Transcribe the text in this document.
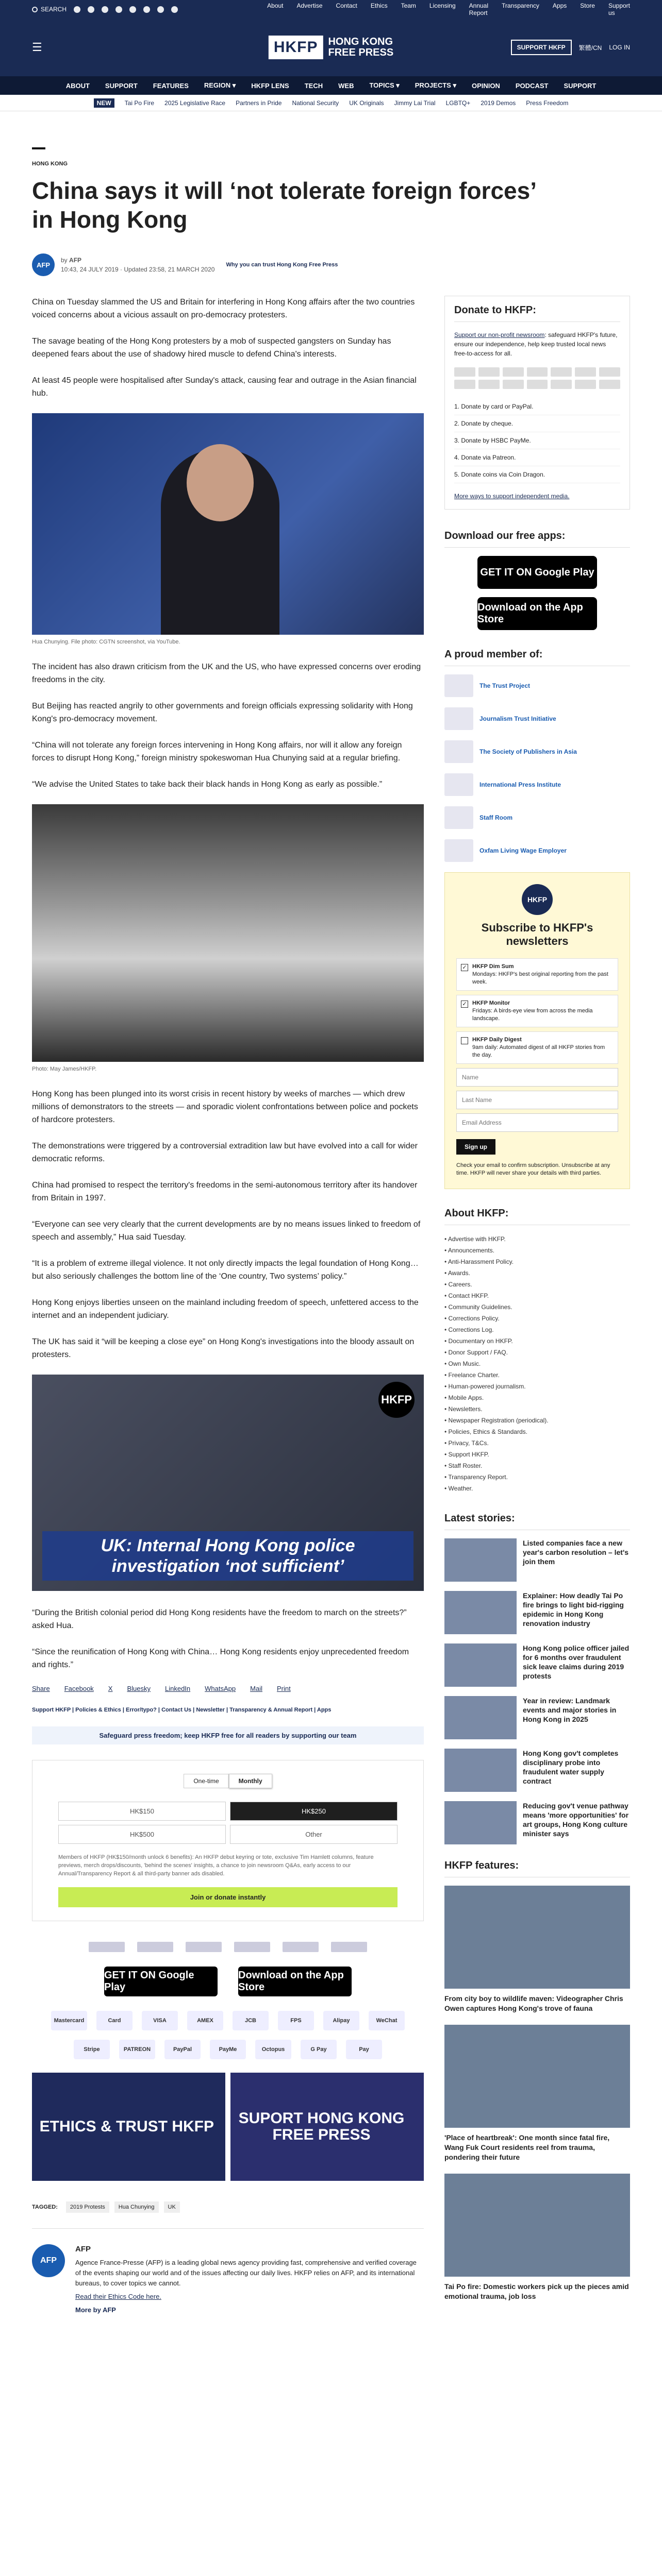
SEARCH	About Advertise Contact Ethics Team Licensing Annual Report
Transparency Apps Store Support us
☰	HKFP	HONG KONG
FREE PRESS	SUPPORT HKFP	繁體/CN LOG IN
ABOUT SUPPORT FEATURES REGION ▾ HKFP LENS TECH WEB TOPICS ▾ PROJECTS ▾ OPINION PODCAST SUPPORT
NEW	Tai Po Fire 2025 Legislative Race Partners in Pride National Security UK Originals Jimmy Lai Trial LGBTQ+ 2019 Demos Press Freedom
HONG KONG
China says it will ‘not tolerate foreign forces’ in Hong Kong
AFP
by AFP
10:43, 24 JULY 2019 · Updated 23:58, 21 MARCH 2020
Why you can trust Hong Kong Free Press

China on Tuesday slammed the US and Britain for interfering in Hong Kong affairs after the two countries voiced concerns about a vicious assault on pro-democracy protesters.

The savage beating of the Hong Kong protesters by a mob of suspected gangsters on Sunday has deepened fears about the use of shadowy hired muscle to defend China's interests.

At least 45 people were hospitalised after Sunday's attack, causing fear and outrage in the Asian financial hub.

Hua Chunying. File photo: CGTN screenshot, via YouTube.

The incident has also drawn criticism from the UK and the US, who have expressed concerns over eroding freedoms in the city.

But Beijing has reacted angrily to other governments and foreign officials expressing solidarity with Hong Kong's pro-democracy movement.

“China will not tolerate any foreign forces intervening in Hong Kong affairs, nor will it allow any foreign forces to disrupt Hong Kong,” foreign ministry spokeswoman Hua Chunying said at a regular briefing.

“We advise the United States to take back their black hands in Hong Kong as early as possible.”

Photo: May James/HKFP.

Hong Kong has been plunged into its worst crisis in recent history by weeks of marches — which drew millions of demonstrators to the streets — and sporadic violent confrontations between police and pockets of hardcore protesters.

The demonstrations were triggered by a controversial extradition law but have evolved into a call for wider democratic reforms.

China had promised to respect the territory's freedoms in the semi-autonomous territory after its handover from Britain in 1997.

“Everyone can see very clearly that the current developments are by no means issues linked to freedom of speech and assembly,” Hua said Tuesday.

“It is a problem of extreme illegal violence. It not only directly impacts the legal foundation of Hong Kong… but also seriously challenges the bottom line of the ‘One country, Two systems’ policy.”

Hong Kong enjoys liberties unseen on the mainland including freedom of speech, unfettered access to the internet and an independent judiciary.

The UK has said it “will be keeping a close eye” on Hong Kong's investigations into the bloody assault on protesters.

HKFP
UK: Internal Hong Kong police investigation ‘not sufficient’

“During the British colonial period did Hong Kong residents have the freedom to march on the streets?” asked Hua.

“Since the reunification of Hong Kong with China… Hong Kong residents enjoy unprecedented freedom and rights.”

Share Facebook X Bluesky LinkedIn WhatsApp Mail Print
Support HKFP | Policies & Ethics | Error/typo? | Contact Us | Newsletter | Transparency & Annual Report | Apps
Safeguard press freedom; keep HKFP free for all readers by supporting our team
One-time	Monthly
HK$150	HK$250
HK$500	Other
Members of HKFP (HK$150/month unlock 6 benefits): An HKFP debut keyring or tote, exclusive Tim Hamlett columns, feature previews, merch drops/discounts, 'behind the scenes' insights, a chance to join newsroom Q&As, early access to our Annual/Transparency Report & all third-party banner ads disabled.
Join or donate instantly
GET IT ON Google Play
Download on the App Store
Mastercard	Card	VISA	AMEX	JCB	FPS	Alipay	WeChat
Stripe	PATREON	PayPal	PayMe	Octopus	G Pay	Pay
ETHICS & TRUST HKFP	SUPORT HONG KONG FREE PRESS
TAGGED:	2019 Protests	Hua Chunying	UK
AFP

AFP

Agence France-Presse (AFP) is a leading global news agency providing fast, comprehensive and verified coverage of the events shaping our world and of the issues affecting our daily lives. HKFP relies on AFP, and its international bureaus, to cover topics we cannot.

Read their Ethics Code here.

More by AFP

Donate to HKFP:
Support our non-profit newsroom: safeguard HKFP's future, ensure our independence, help keep trusted local news free-to-access for all.
1. Donate by card or PayPal.
2. Donate by cheque.
3. Donate by HSBC PayMe.
4. Donate via Patreon.
5. Donate coins via Coin Dragon.
More ways to support independent media.
Download our free apps:
GET IT ON Google Play
Download on the App Store
A proud member of:
The Trust Project
Journalism Trust Initiative
The Society of Publishers in Asia
International Press Institute
Staff Room
Oxfam Living Wage Employer
HKFP
Subscribe to HKFP's newsletters
✓ HKFP Dim Sum
Mondays: HKFP's best original reporting from the past week.
✓ HKFP Monitor
Fridays: A birds-eye view from across the media landscape.
HKFP Daily Digest
9am daily: Automated digest of all HKFP stories from the day.
Name Last Name Email Address Sign up
Check your email to confirm subscription. Unsubscribe at any time. HKFP will never share your details with third parties.
About HKFP:
• Advertise with HKFP.
• Announcements.
• Anti-Harassment Policy.
• Awards.
• Careers.
• Contact HKFP.
• Community Guidelines.
• Corrections Policy.
• Corrections Log.
• Documentary on HKFP.
• Donor Support / FAQ.
• Own Music.
• Freelance Charter.
• Human-powered journalism.
• Mobile Apps.
• Newsletters.
• Newspaper Registration (periodical).
• Policies, Ethics & Standards.
• Privacy, T&Cs.
• Support HKFP.
• Staff Roster.
• Transparency Report.
• Weather.
Latest stories:
Listed companies face a new year's carbon resolution – let's join them
Explainer: How deadly Tai Po fire brings to light bid-rigging epidemic in Hong Kong renovation industry
Hong Kong police officer jailed for 6 months over fraudulent sick leave claims during 2019 protests
Year in review: Landmark events and major stories in Hong Kong in 2025
Hong Kong gov't completes disciplinary probe into fraudulent water supply contract
Reducing gov't venue pathway means 'more opportunities' for art groups, Hong Kong culture minister says
HKFP features:
From city boy to wildlife maven: Videographer Chris Owen captures Hong Kong's trove of fauna
'Place of heartbreak': One month since fatal fire, Wang Fuk Court residents reel from trauma, pondering their future
Tai Po fire: Domestic workers pick up the pieces amid emotional trauma, job loss
